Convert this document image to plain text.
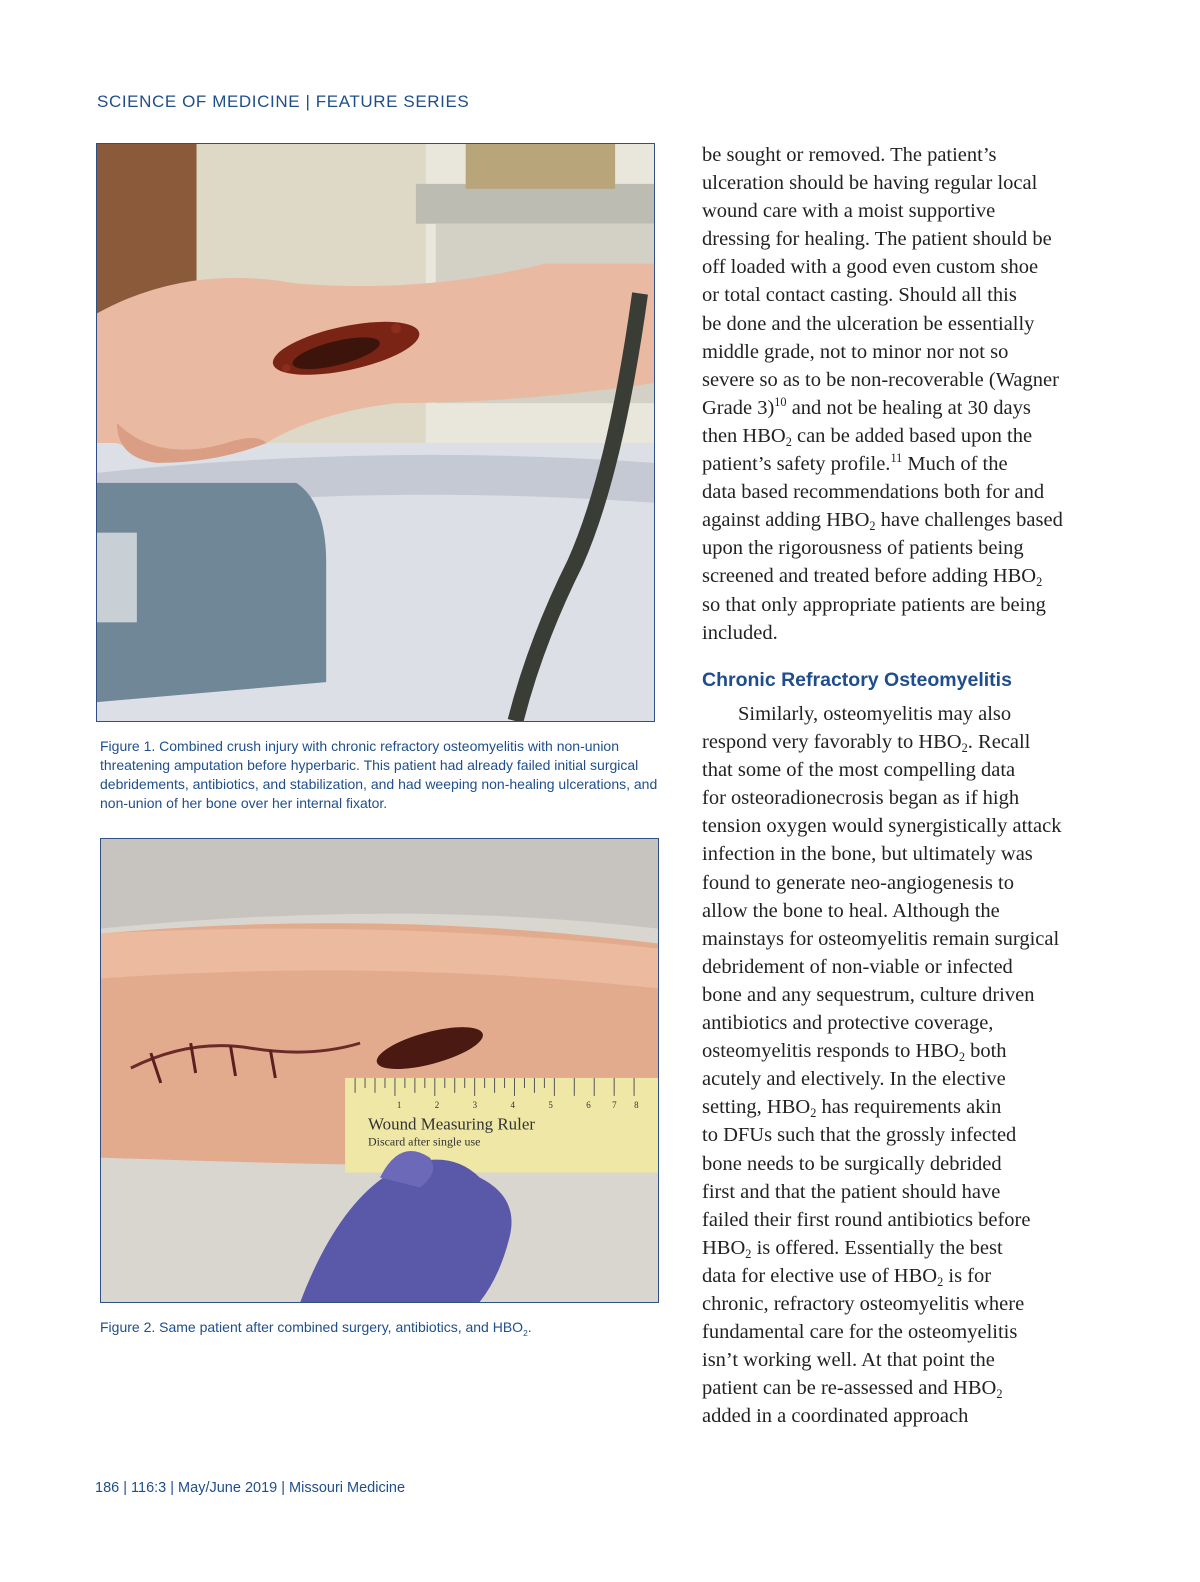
SCIENCE OF MEDICINE | FEATURE SERIES
Figure 1. Combined crush injury with chronic refractory osteomyelitis with non-union threatening amputation before hyperbaric. This patient had already failed initial surgical debridements, antibiotics, and stabilization, and had weeping non-healing ulcerations, and non-union of her bone over her internal fixator.
1	2	3	4	5	6 7 8
Wound Measuring Ruler
Discard after single use
Figure 2. Same patient after combined surgery, antibiotics, and $HBO_2$.
be sought or removed. The patient’s
ulceration should be having regular local
wound care with a moist supportive
dressing for healing. The patient should be
off loaded with a good even custom shoe
or total contact casting. Should all this
be done and the ulceration be essentially
middle grade, not to minor nor not so
severe so as to be non-recoverable (Wagner
Grade 3)$^{10}$ and not be healing at 30 days
then $HBO_2$ can be added based upon the
patient’s safety profile.$^{11}$ Much of the
data based recommendations both for and
against adding $HBO_2$ have challenges based
upon the rigorousness of patients being
screened and treated before adding $HBO_2$
so that only appropriate patients are being
included.
Chronic Refractory Osteomyelitis
Similarly, osteomyelitis may also
respond very favorably to $HBO_2$. Recall
that some of the most compelling data
for osteoradionecrosis began as if high
tension oxygen would synergistically attack
infection in the bone, but ultimately was
found to generate neo-angiogenesis to
allow the bone to heal. Although the
mainstays for osteomyelitis remain surgical
debridement of non-viable or infected
bone and any sequestrum, culture driven
antibiotics and protective coverage,
osteomyelitis responds to $HBO_2$ both
acutely and electively. In the elective
setting, $HBO_2$ has requirements akin
to DFUs such that the grossly infected
bone needs to be surgically debrided
first and that the patient should have
failed their first round antibiotics before
$HBO_2$ is offered. Essentially the best
data for elective use of $HBO_2$ is for
chronic, refractory osteomyelitis where
fundamental care for the osteomyelitis
isn’t working well. At that point the
patient can be re-assessed and $HBO_2$
added in a coordinated approach
186 | 116:3 | May/June 2019 | Missouri Medicine
